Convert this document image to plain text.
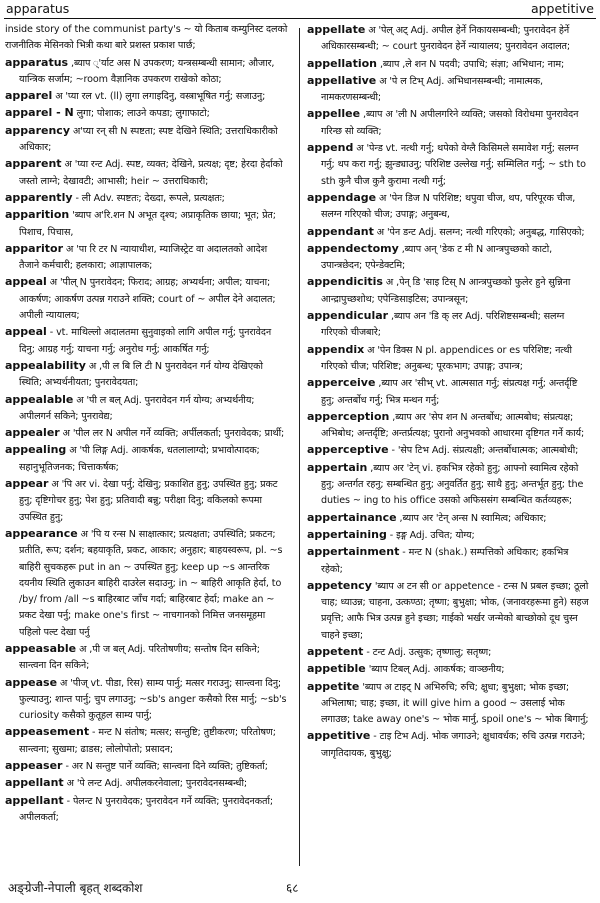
apparatus	appetitive

inside story of the communist party's ~ यो किताब कम्युनिस्ट दलको राजनीतिक मेसिनको भित्री कथा बारे प्रशस्त प्रकाश पार्छ;

apparatus ,ब्याप ्'र्याट अस N उपकरण; यन्त्रसम्बन्धी सामान; औजार, यान्त्रिक सर्जाम; ~room वैज्ञानिक उपकरण राखेको कोठा;

apparel अ 'प्या रल vt. (ll) लुगा लगाइदिनु, वस्त्राभूषित गर्नु; सजाउनु;

apparel - N लुगा; पोशाक; लाउने कपडा; लुगाफाटो;

apparency अ'प्या रन् सी N स्पष्टता; स्पष्ट देखिने स्थिति; उत्तराधिकारीको अधिकार;

apparent अ 'प्या रन्ट Adj. स्पष्ट, व्यक्त; देखिने, प्रत्यक्ष; दृष्ट; हेरदा हेर्दाको जस्तो लाग्ने; देखावटी; आभासी; heir ~ उत्तराधिकारी;

apparently - ली Adv. स्पष्टतः; देख्दा, रूपले, प्रत्यक्षतः;

apparition 'ब्याप अ'रि.शन N अभूत दृश्य; अप्राकृतिक छाया; भूत; प्रेत; पिशाच, पिचास,

apparitor अ 'पा रि टर N न्यायाधीश, म्याजिस्ट्रेट वा अदालतको आदेश तैजाने कर्मचारी; हलकारा; आज्ञापालक;

appeal अ 'पील् N पुनरावेदन; फिराद; आग्रह; अभ्यर्थना; अपील; याचना; आकर्षण; आकर्षण उत्पन्न गराउने शक्ति; court of ~ अपील देने अदालत; अपीली न्यायालय;

appeal - vt. माथिल्लो अदालतमा सुनुवाइको लागि अपील गर्नु; पुनरावेदन दिनु; आग्रह गर्नु; याचना गर्नु; अनुरोध गर्नु; आकर्षित गर्नु;

appealability अ ,पी ल बि लि टी N पुनरावेदन गर्न योग्य देखिएको स्थिति; अभ्यर्थनीयता; पुनरावेदयता;

appealable अ 'पी ल बल् Adj. पुनरावेदन गर्न योग्य; अभ्यर्थनीय; अपीलगर्न सकिने; पुनरावेद्य;

appealer अ 'पील लर N अपील गर्ने व्यक्ति; अर्पीलकर्ता; पुनरावेदक; प्रार्थी;

appealing अ 'पी लिङ्ग Adj. आकर्षक, धतलालाग्दो; प्रभावोत्पादक; सहानुभूतिजनक; चित्ताकर्षक;

appear अ 'पि अर vi. देखा पर्नु; देखिनु; प्रकाशित हुनु; उपस्थित हुनु; प्रकट हुनु; दृष्टिगोचर हुनु; पेश हुनु; प्रतिवादी बन्नु; परीक्षा दिनु; वकिलको रूपमा उपस्थित हुनु;

appearance अ 'पि य रन्स N साक्षात्कार; प्रत्यक्षता; उपस्थिति; प्रकटन; प्रतीति, रूप; दर्शन; बहयाकृति, प्रकट, आकार; अनुहार; बाहयस्वरूप, pl. ~s बाहिरी सुचकहरू put in an ~ उपस्थित हुनु; keep up ~s आन्तरिक दयनीय स्थिति लुकाउन बाहिरी दाउरेल सदाउनु; in ~ बाहिरी आकृति हेर्दा, to /by/ from /all ~s बाहिरबाट जाँच गर्दा; बाहिरबाट हेर्दा; make an ~ प्रकट देखा पर्नु; make one's first ~ नाचगानको निमित्त जनसमूहमा पहिलो पल्ट देखा पर्नु

appeasable अ ,पी ज बल् Adj. परितोषणीय; सन्तोष दिन सकिने; सान्त्वना दिन सकिने;

appease अ 'पीज् vt. पीडा, रिस) साम्य पार्नु; मत्सर गराउनु; सान्त्वना दिनु; फुल्याउनु; शान्त पार्नु; चुप लगाउनु; ~sb's anger कसैको रिस मार्नु; ~sb's curiosity कसैको कुतूहल साम्य पार्नु;

appeasement - मन्ट N संतोष; मत्सर; सन्तुष्टि; तुष्टीकरण; परितोषण; सान्त्वना; सुखमा; ढाडस; लोलोपोतो; प्रसादन;

appeaser - अर N सन्तुष्ट पार्ने व्यक्ति; सान्त्वना दिने व्यक्ति; तुष्टिकर्ता;

appellant अ 'पे लन्ट Adj. अपीलकरनेवाला; पुनरावेदनसम्बन्धी;

appellant - पेलन्ट N पुनरावेदक; पुनरावेदन गर्ने व्यक्ति; पुनरावेदनकर्ता; अपीलकर्ता;

appellate अ 'पेल् अट् Adj. अपील हेर्ने निकायसम्बन्धी; पुनरावेदन हेर्ने अधिकारसम्बन्धी; ~ court पुनरावेदन हेर्ने न्यायालय; पुनरावेदन अदालत;

appellation ,ब्याप ,ले शन N पदवी; उपाधि; संज्ञा; अभिधान; नाम;

appellative अ 'पे ल टिभ् Adj. अभिधानसम्बन्धी; नामात्मक, नामकरणसम्बन्धी;

appellee ,ब्याप अ 'ली N अपीलगरिने व्यक्ति; जसको विरोधमा पुनरावेदन गरिन्छ सो व्यक्ति;

append अ 'पेन्ड vt. नत्थी गर्नु; थपेको वेग्लै किसिमले समावेश गर्नु; सलग्न गर्नु; थप करा गर्नु; झुन्ड्याउनु; परिशिष्ट उल्लेख गर्नु; सम्मिलित गर्नु; ~ sth to sth कुनै चीज कुनै कुरामा नत्थी गर्नु;

appendage अ 'पेन डिज N परिशिष्ट; थपुवा चीज, थप, परिपूरक चीज, सलग्न गरिएको चीज; उपाङ्ग; अनुबन्ध,

appendant अ 'पेन डन्ट Adj. सलग्न; नत्थी गरिएको; अनुबद्ध, गासिएको;

appendectomy ,ब्याप अन् 'डेक ट मी N आन्त्रपुच्छको काटो, उपान्त्रछेदन; एपेन्डेक्टमि;

appendicitis अ ,पेन् डि 'साइ टिस् N आन्त्रपुच्छको फुलेर हुने सुन्निना आन्द्रापुच्छशोथ; एपेन्डिसाइटिस; उपान्त्रसून;

appendicular ,ब्याप अन 'डि क् लर Adj. परिशिष्टसम्बन्धी; सलग्न गरिएको चीजबारे;

appendix अ 'पेन डिक्स N pl. appendices or es परिशिष्ट; नत्थी गरिएको चीज; परिशिष्ट; अनुबन्ध; पूरकभाग; उपाङ्ग; उपान्त्र;

apperceive ,ब्याप अर 'सीभ् vt. आत्मसात गर्नु; संप्रत्यक्ष गर्नु; अन्तर्दृष्टि हुनु; अन्तर्बोध गर्नु; भित्र मन्थन गर्नु;

apperception ,ब्याप अर 'सेप शन N अन्तर्बोध; आत्मबोध; संप्रत्यक्ष; अभिबोध; अन्तर्दृष्टि; अन्तर्प्रत्यक्ष; पुरानो अनुभवको आधारमा दृष्टिगत गर्ने कार्य;

apperceptive - 'सेप टिभ Adj. संप्रत्यक्षी; अन्तर्बोधात्मक; आत्मबोधी;

appertain ,ब्याप अर 'टेन् vi. हकभित्र रहेको हुनु; आफ्नो स्वामित्व रहेको हुनु; अन्तर्गत रहनु; सम्बन्धित हुनु; अनुवर्तित हुनु; साथै हुनु; अन्तर्भूत हुनु; the duties ~ ing to his office उसको अफिससंग सम्बन्धित कर्तव्यहरू;

appertainance ,ब्याप अर 'टेन् अन्स N स्वामित्व; अधिकार;

appertaining - इङ्ग Adj. उचित; योग्य;

appertainment - मन्ट N (shak.) सम्पत्तिको अधिकार; हकभित्र रहेको;

appetency 'ब्याप अ टन सी or appetence - टन्स N प्रबल इच्छा; ठूलो चाह; ध्याउन्न; चाहना, उत्कण्ठा; तृष्णा; बुभुक्षा; भोक, (जनावरहरूमा हुने) सहज प्रवृत्ति; आफै भित्र उत्पन्न हुने इच्छा; गाईको भर्खर जन्मेको बाच्छोको दूध चुस्न चाहने इच्छा;

appetent - टन्ट Adj. उत्सुक; तृष्णालु; सतृष्ण;

appetible 'ब्याप टिबल् Adj. आकर्षक; वाञ्छनीय;

appetite 'ब्याप अ टाइट् N अभिरुचि; रुचि; क्षुधा; बुभुक्षा; भोक इच्छा; अभिलाषा; चाह; इच्छा, it will give him a good ~ उसलाई भोक लगाउछ; take away one's ~ भोक मार्नु, spoil one's ~ भोक बिगार्नु;

appetitive - टाइ टिभ Adj. भोक जगाउने; क्षुधावर्धक; रुचि उत्पन्न गराउने; जागृतिदायक, बुभुक्षु;

अङ्ग्रेजी-नेपाली बृहत् शब्दकोश	६८
